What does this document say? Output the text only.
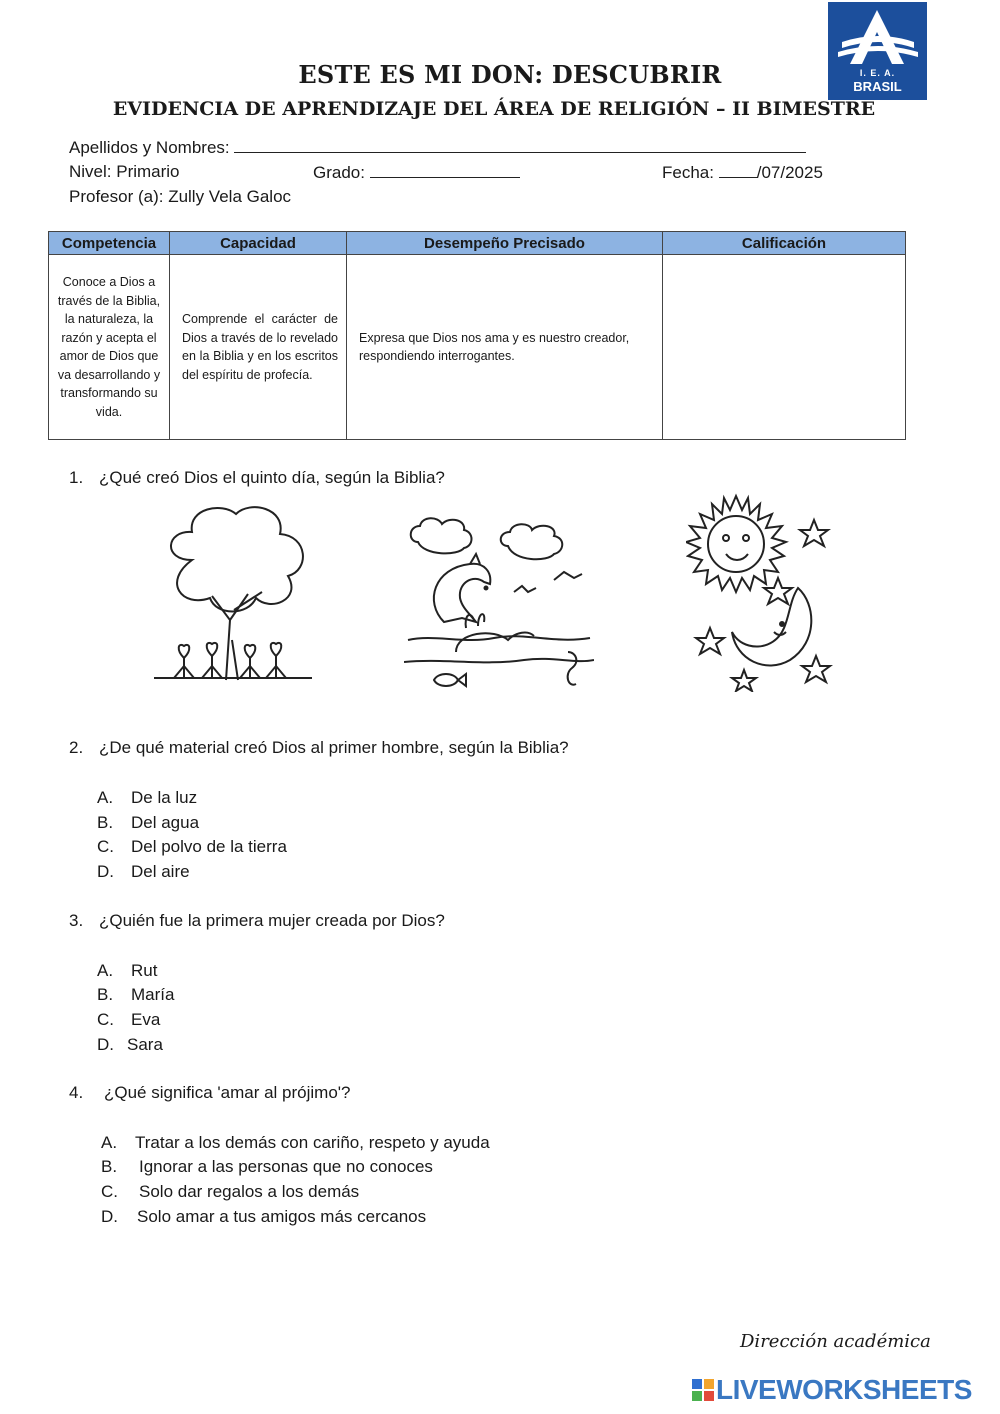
I. E. A.
BRASIL
ESTE ES MI DON: DESCUBRIR
EVIDENCIA DE APRENDIZAJE DEL ÁREA DE RELIGIÓN – II BIMESTRE
Apellidos y Nombres:
Nivel: Primario	Grado:	Fecha:	/07/2025
Profesor (a): Zully Vela Galoc
Competencia	Capacidad	Desempeño Precisado	Calificación
Conoce a Dios a través de la Biblia, la naturaleza, la razón y acepta el amor de Dios que va desarrollando y transformando su vida.	Comprende el carácter de Dios a través de lo revelado en la Biblia y en los escritos del espíritu de profecía.	Expresa que Dios nos ama y es nuestro creador, respondiendo interrogantes.	
1. ¿Qué creó Dios el quinto día, según la Biblia?
2. ¿De qué material creó Dios al primer hombre, según la Biblia?
A. De la luz
B. Del agua
C. Del polvo de la tierra
D. Del aire
3. ¿Quién fue la primera mujer creada por Dios?
A. Rut
B. María
C. Eva
D. Sara
4. ¿Qué significa 'amar al prójimo'?
A. Tratar a los demás con cariño, respeto y ayuda
B. Ignorar a las personas que no conoces
C. Solo dar regalos a los demás
D. Solo amar a tus amigos más cercanos
Dirección académica
LIVEWORKSHEETS
